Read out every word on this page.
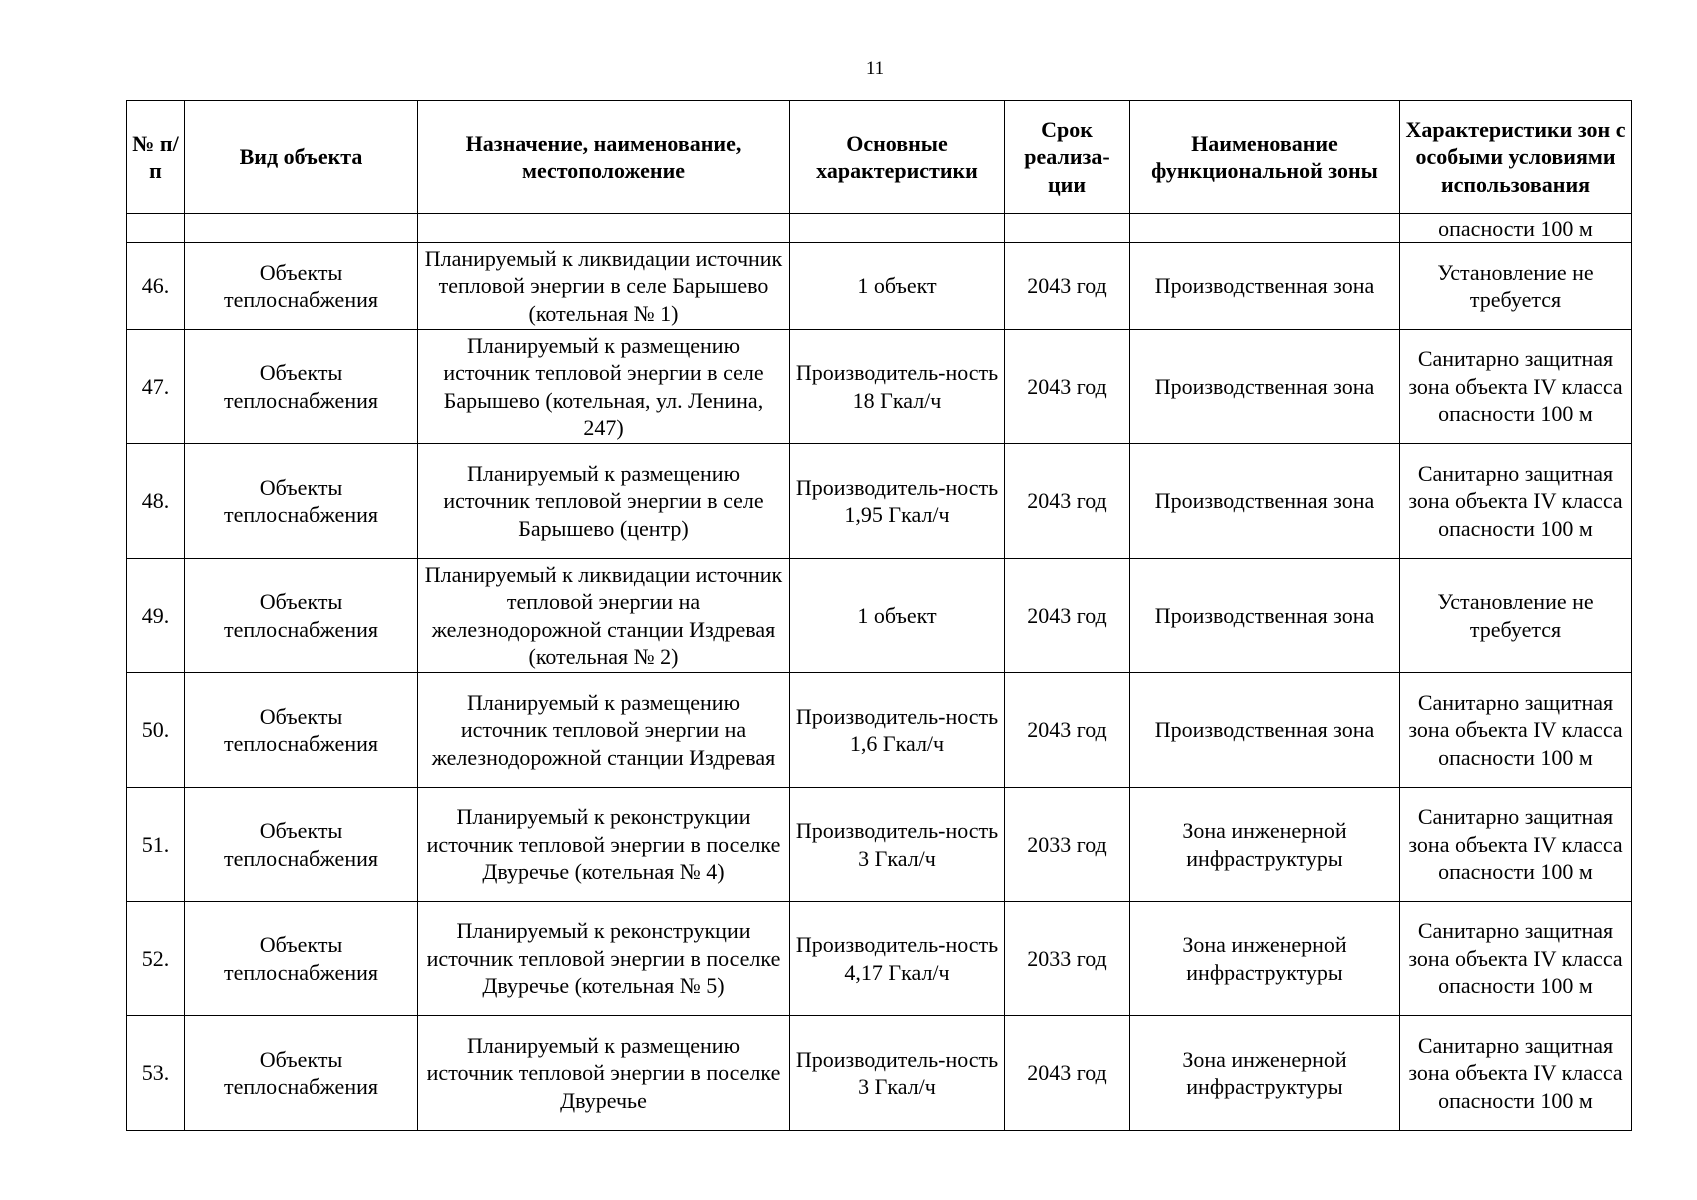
11
№ п/п	Вид объекта	Назначение, наименование, местоположение	Основные характеристики	Срок реализа-ции	Наименование функциональной зоны	Характеристики зон с особыми условиями использования
						опасности 100 м
46.	Объекты теплоснабжения	Планируемый к ликвидации источник тепловой энергии в селе Барышево (котельная № 1)	1 объект	2043 год	Производственная зона	Установление не требуется
47.	Объекты теплоснабжения	Планируемый к размещению источник тепловой энергии в селе Барышево (котельная, ул. Ленина, 247)	Производитель-ность 18 Гкал/ч	2043 год	Производственная зона	Санитарно защитная зона объекта IV класса опасности 100 м
48.	Объекты теплоснабжения	Планируемый к размещению источник тепловой энергии в селе Барышево (центр)	Производитель-ность 1,95 Гкал/ч	2043 год	Производственная зона	Санитарно защитная зона объекта IV класса опасности 100 м
49.	Объекты теплоснабжения	Планируемый к ликвидации источник тепловой энергии на железнодорожной станции Издревая (котельная № 2)	1 объект	2043 год	Производственная зона	Установление не требуется
50.	Объекты теплоснабжения	Планируемый к размещению источник тепловой энергии на железнодорожной станции Издревая	Производитель-ность 1,6 Гкал/ч	2043 год	Производственная зона	Санитарно защитная зона объекта IV класса опасности 100 м
51.	Объекты теплоснабжения	Планируемый к реконструкции источник тепловой энергии в поселке Двуречье (котельная № 4)	Производитель-ность 3 Гкал/ч	2033 год	Зона инженерной инфраструктуры	Санитарно защитная зона объекта IV класса опасности 100 м
52.	Объекты теплоснабжения	Планируемый к реконструкции источник тепловой энергии в поселке Двуречье (котельная № 5)	Производитель-ность 4,17 Гкал/ч	2033 год	Зона инженерной инфраструктуры	Санитарно защитная зона объекта IV класса опасности 100 м
53.	Объекты теплоснабжения	Планируемый к размещению источник тепловой энергии в поселке Двуречье	Производитель-ность 3 Гкал/ч	2043 год	Зона инженерной инфраструктуры	Санитарно защитная зона объекта IV класса опасности 100 м
